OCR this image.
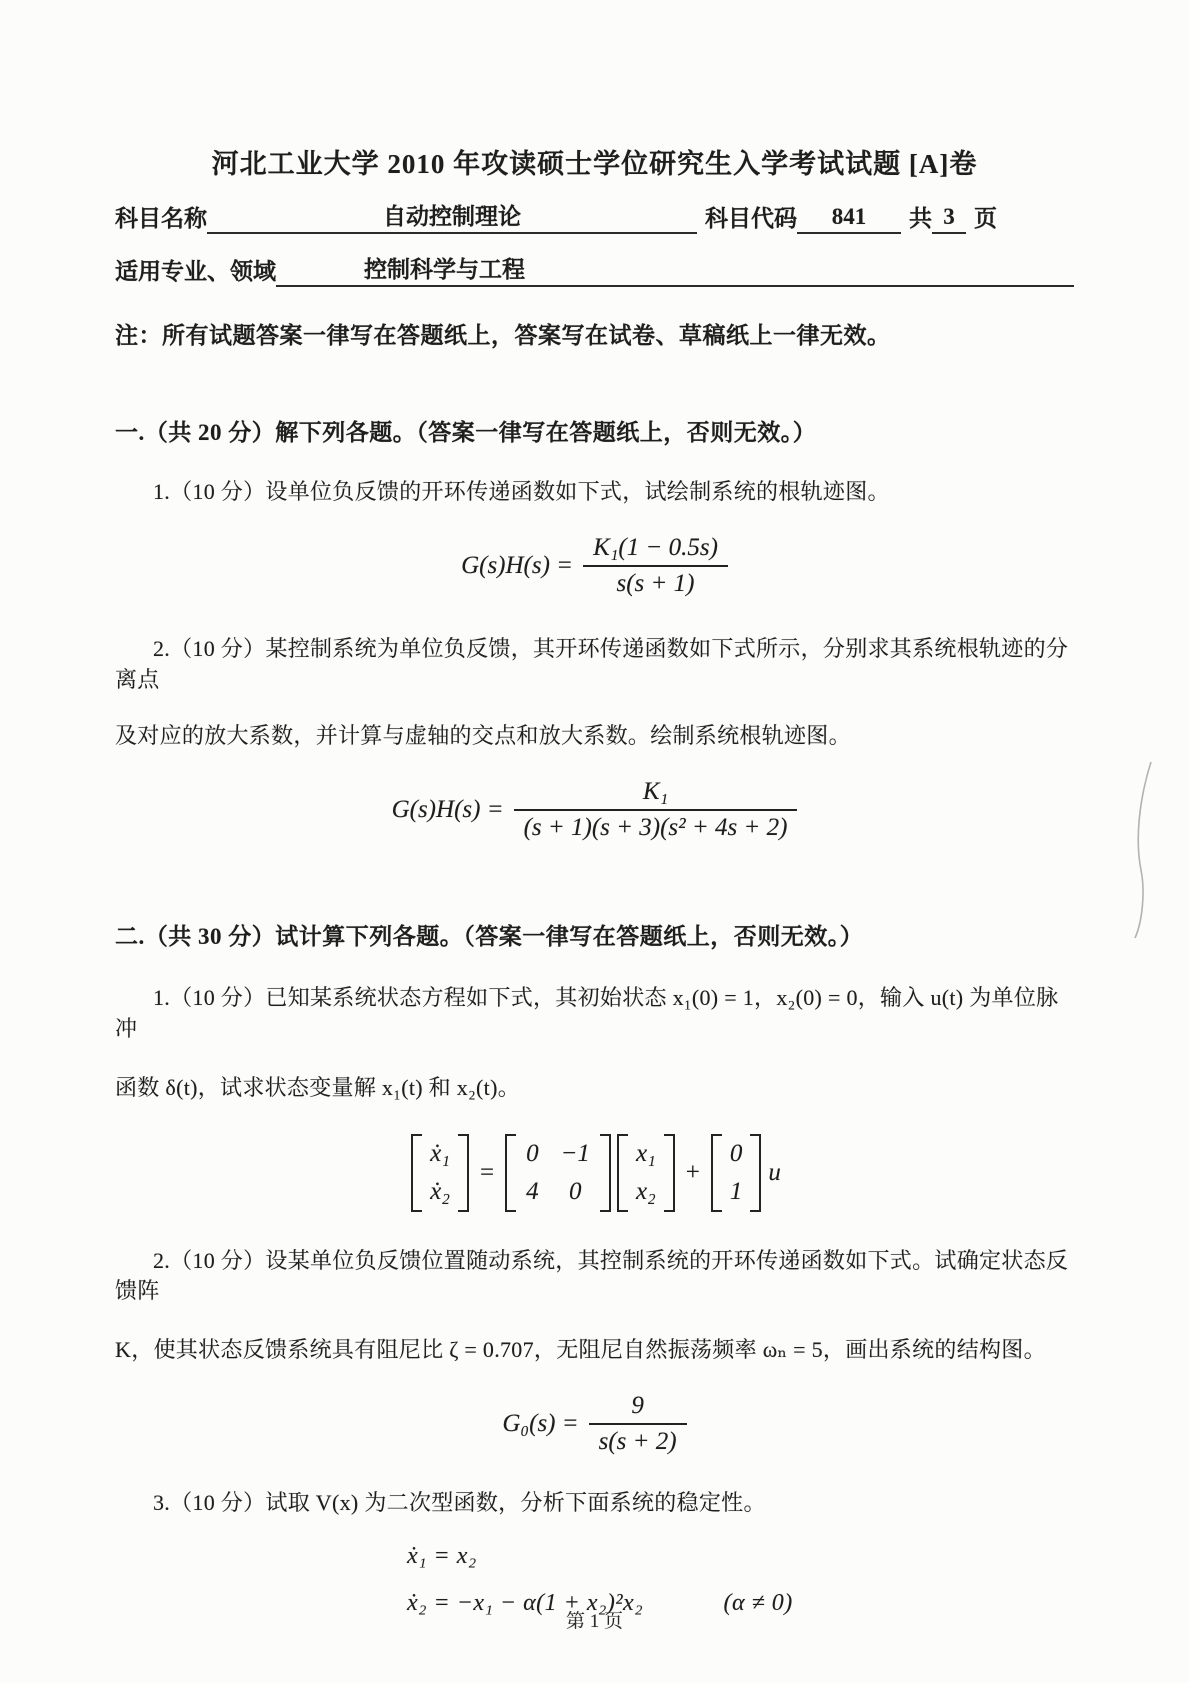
河北工业大学 2010 年攻读硕士学位研究生入学考试试题 [A]卷
科目名称	自动控制理论	科目代码	841	共 3 页
适用专业、领域	控制科学与工程
注：所有试题答案一律写在答题纸上，答案写在试卷、草稿纸上一律无效。
一.（共 20 分）解下列各题。（答案一律写在答题纸上，否则无效。）
1.（10 分）设单位负反馈的开环传递函数如下式，试绘制系统的根轨迹图。
$G(s)H(s) = \frac{\text{K₁(1 − 0.5s)}}{s(s + 1)}$
2.（10 分）某控制系统为单位负反馈，其开环传递函数如下式所示，分别求其系统根轨迹的分离点
及对应的放大系数，并计算与虚轴的交点和放大系数。绘制系统根轨迹图。
$G(s)H(s) = \frac{\text{K₁}}{\text{(s + 1)(s + 3)(s² + 4s + 2)}}$
二.（共 30 分）试计算下列各题。（答案一律写在答题纸上，否则无效。）
1.（10 分）已知某系统状态方程如下式，其初始状态 x₁(0) = 1，x₂(0) = 0，输入 u(t) 为单位脉冲
函数 δ(t)，试求状态变量解 x₁(t) 和 x₂(t)。
ẋ₁
ẋ₂
=
0 −1
4 0
x₁
x₂
+
0
1
u
2.（10 分）设某单位负反馈位置随动系统，其控制系统的开环传递函数如下式。试确定状态反馈阵
K，使其状态反馈系统具有阻尼比 ζ = 0.707，无阻尼自然振荡频率 ωₙ = 5，画出系统的结构图。
$G_0(s) = \frac{9}{s(s + 2)}$
3.（10 分）试取 V(x) 为二次型函数，分析下面系统的稳定性。
ẋ₁ = x₂
ẋ₂ = −x₁ − α(1 + x₂)²x₂	(α ≠ 0)
第 1 页
